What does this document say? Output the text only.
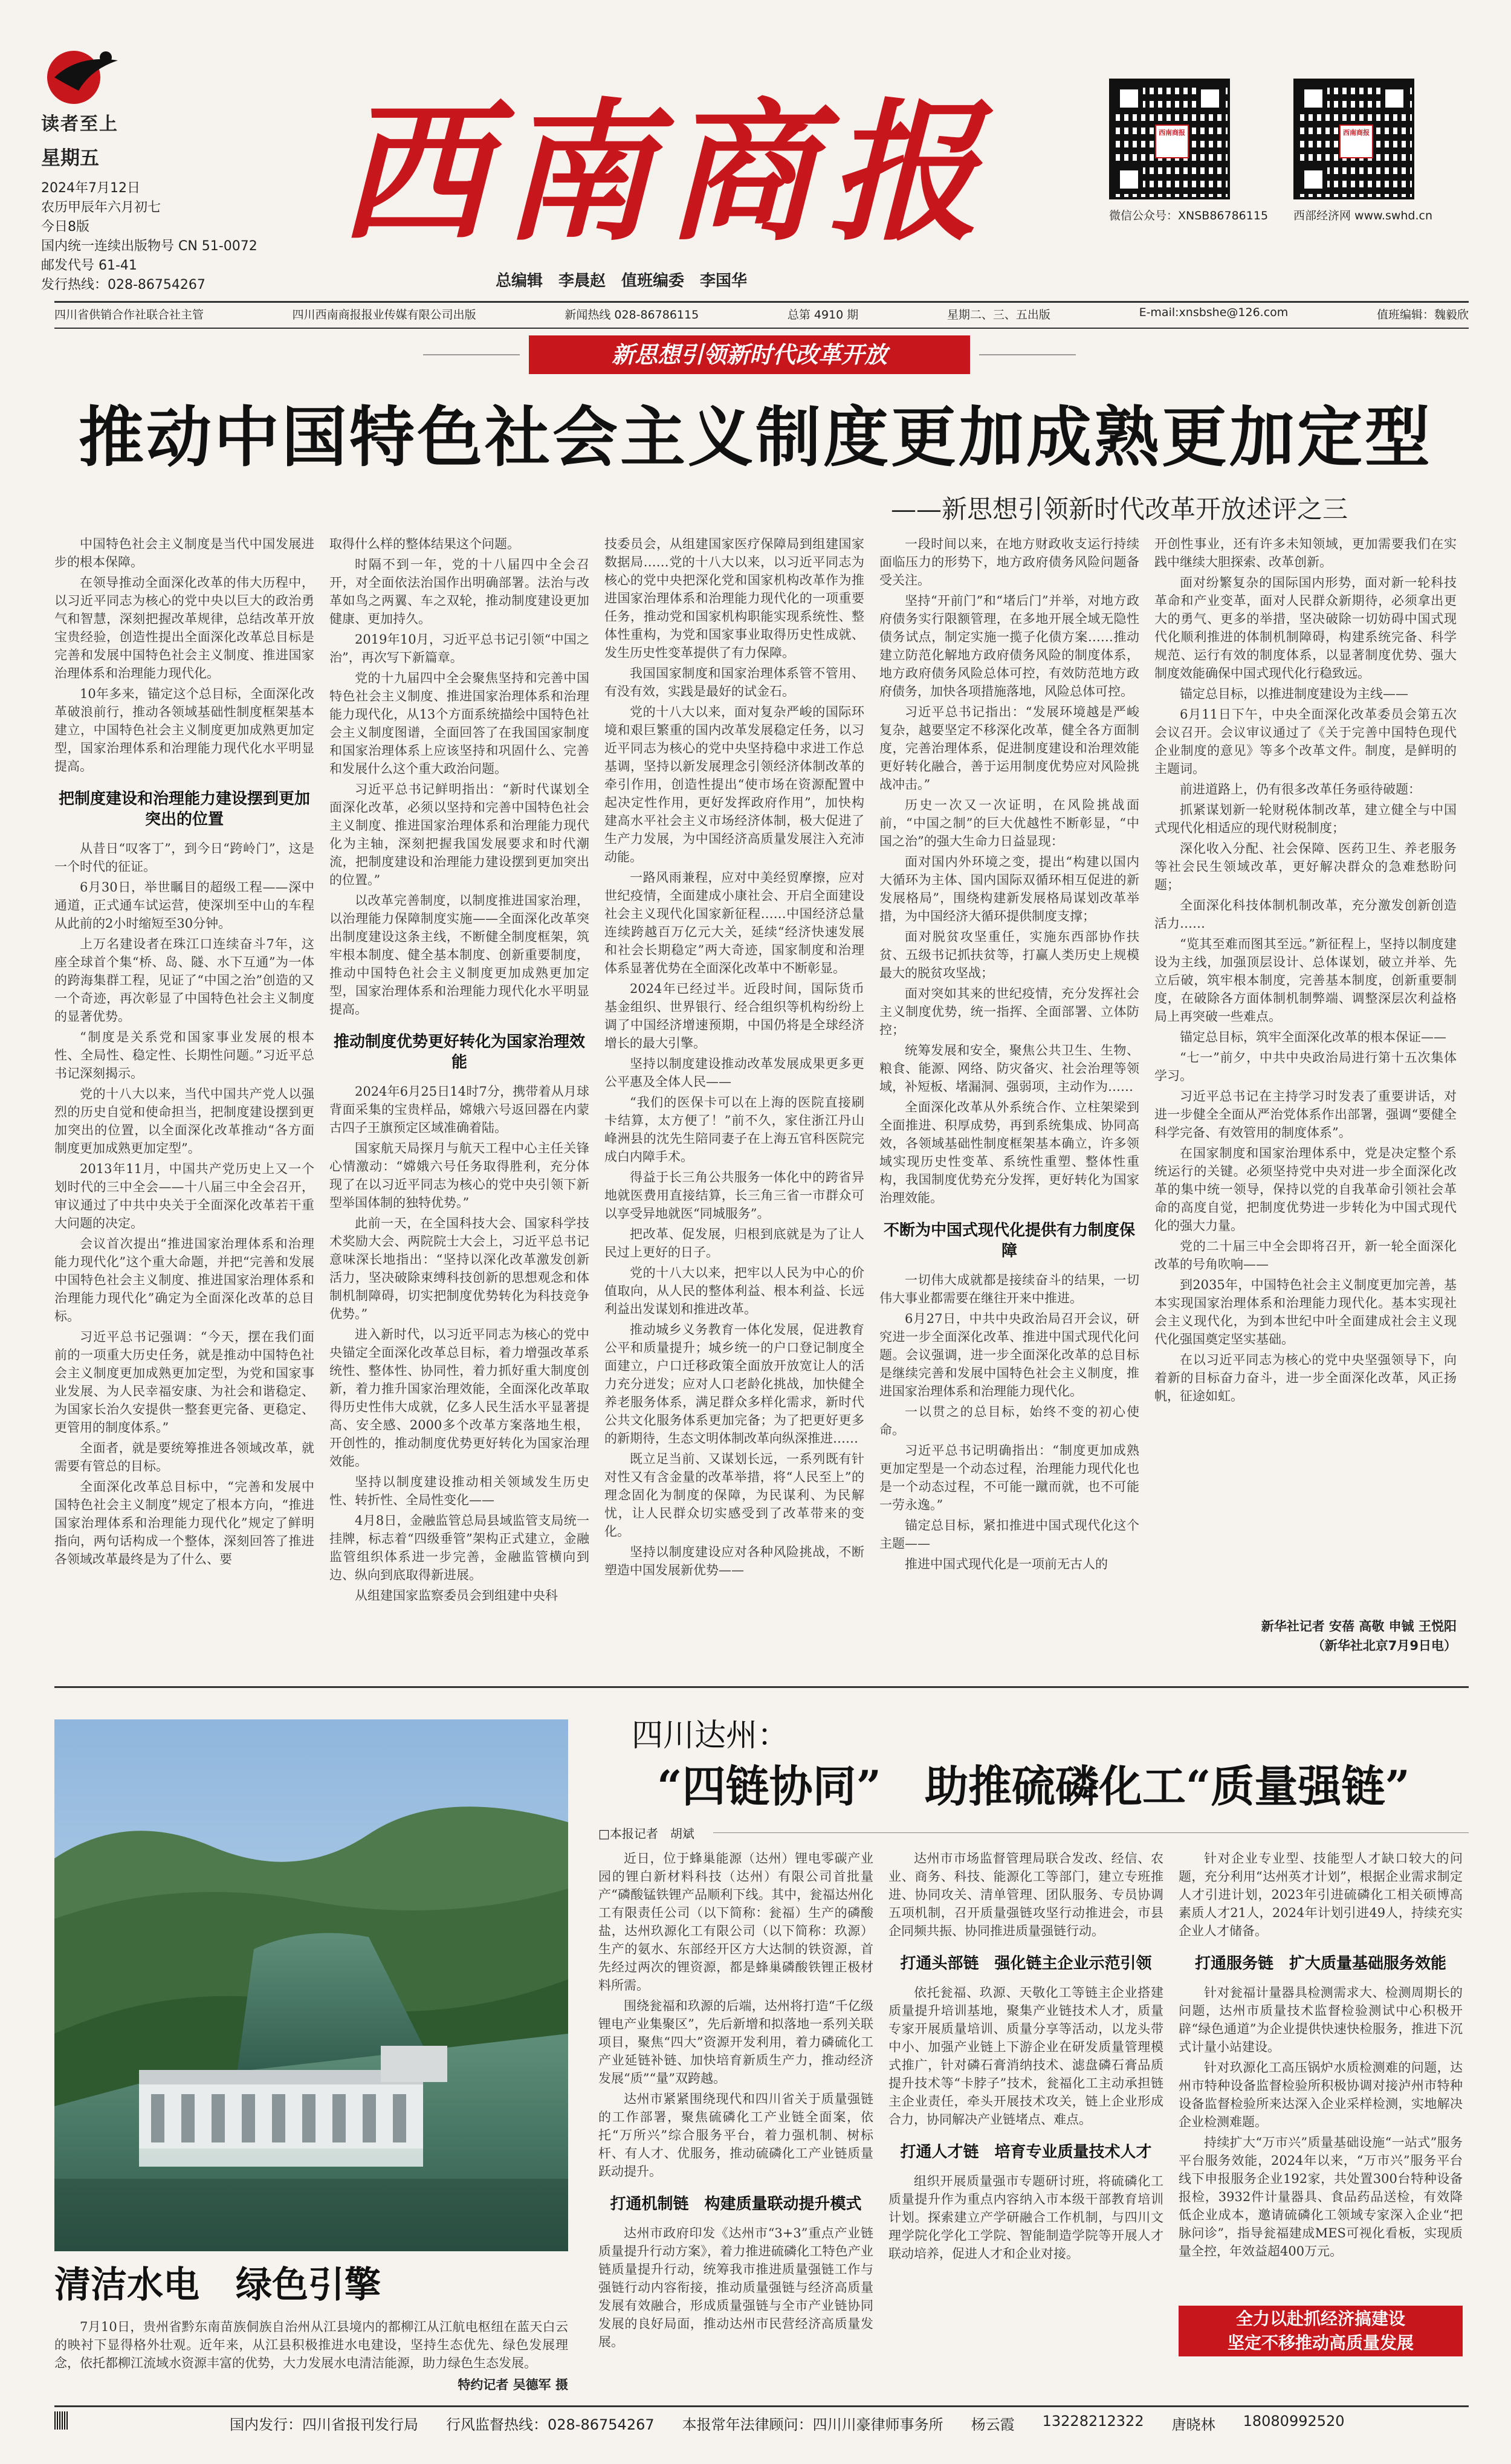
读者至上
星期五
2024年7月12日
农历甲辰年六月初七
今日8版
国内统一连续出版物号 CN 51-0072
邮发代号 61-41
发行热线：028-86754267
西南商报
总编辑　李晨赵　值班编委　李国华
西南商报	西南商报
微信公众号：XNSB86786115 西部经济网 www.swhd.cn
四川省供销合作社联合社主管	四川西南商报报业传媒有限公司出版	新闻热线 028-86786115	总第 4910 期	星期二、三、五出版	E-mail:xnsbshe@126.com	值班编辑：魏毅欣
新思想引领新时代改革开放
推动中国特色社会主义制度更加成熟更加定型
——新思想引领新时代改革开放述评之三

中国特色社会主义制度是当代中国发展进步的根本保障。

在领导推动全面深化改革的伟大历程中，以习近平同志为核心的党中央以巨大的政治勇气和智慧，深刻把握改革规律，总结改革开放宝贵经验，创造性提出全面深化改革总目标是完善和发展中国特色社会主义制度、推进国家治理体系和治理能力现代化。

10年多来，锚定这个总目标，全面深化改革破浪前行，推动各领域基础性制度框架基本建立，中国特色社会主义制度更加成熟更加定型，国家治理体系和治理能力现代化水平明显提高。

把制度建设和治理能力建设摆到更加突出的位置

从昔日“叹客丁”，到今日“跨岭门”，这是一个时代的征证。

6月30日，举世瞩目的超级工程——深中通道，正式通车试运营，使深圳至中山的车程从此前的2小时缩短至30分钟。

上万名建设者在珠江口连续奋斗7年，这座全球首个集“桥、岛、隧、水下互通”为一体的跨海集群工程，见证了“中国之治”创造的又一个奇迹，再次彰显了中国特色社会主义制度的显著优势。

“制度是关系党和国家事业发展的根本性、全局性、稳定性、长期性问题。”习近平总书记深刻揭示。

党的十八大以来，当代中国共产党人以强烈的历史自觉和使命担当，把制度建设摆到更加突出的位置，以全面深化改革推动“各方面制度更加成熟更加定型”。

2013年11月，中国共产党历史上又一个划时代的三中全会——十八届三中全会召开，审议通过了中共中央关于全面深化改革若干重大问题的决定。

会议首次提出“推进国家治理体系和治理能力现代化”这个重大命题，并把“完善和发展中国特色社会主义制度、推进国家治理体系和治理能力现代化”确定为全面深化改革的总目标。

习近平总书记强调：“今天，摆在我们面前的一项重大历史任务，就是推动中国特色社会主义制度更加成熟更加定型，为党和国家事业发展、为人民幸福安康、为社会和谐稳定、为国家长治久安提供一整套更完备、更稳定、更管用的制度体系。”

全面者，就是要统筹推进各领域改革，就需要有管总的目标。

全面深化改革总目标中，“完善和发展中国特色社会主义制度”规定了根本方向，“推进国家治理体系和治理能力现代化”规定了鲜明指向，两句话构成一个整体，深刻回答了推进各领域改革最终是为了什么、要

取得什么样的整体结果这个问题。

时隔不到一年，党的十八届四中全会召开，对全面依法治国作出明确部署。法治与改革如鸟之两翼、车之双轮，推动制度建设更加健康、更加持久。

2019年10月，习近平总书记引领“中国之治”，再次写下新篇章。

党的十九届四中全会聚焦坚持和完善中国特色社会主义制度、推进国家治理体系和治理能力现代化，从13个方面系统描绘中国特色社会主义制度图谱，全面回答了在我国国家制度和国家治理体系上应该坚持和巩固什么、完善和发展什么这个重大政治问题。

习近平总书记鲜明指出：“新时代谋划全面深化改革，必须以坚持和完善中国特色社会主义制度、推进国家治理体系和治理能力现代化为主轴，深刻把握我国发展要求和时代潮流，把制度建设和治理能力建设摆到更加突出的位置。”

以改革完善制度，以制度推进国家治理，以治理能力保障制度实施——全面深化改革突出制度建设这条主线，不断健全制度框架，筑牢根本制度、健全基本制度、创新重要制度，推动中国特色社会主义制度更加成熟更加定型，国家治理体系和治理能力现代化水平明显提高。

推动制度优势更好转化为国家治理效能

2024年6月25日14时7分，携带着从月球背面采集的宝贵样品，嫦娥六号返回器在内蒙古四子王旗预定区域准确着陆。

国家航天局探月与航天工程中心主任关锋心情激动：“嫦娥六号任务取得胜利，充分体现了在以习近平同志为核心的党中央引领下新型举国体制的独特优势。”

此前一天，在全国科技大会、国家科学技术奖励大会、两院院士大会上，习近平总书记意味深长地指出：“坚持以深化改革激发创新活力，坚决破除束缚科技创新的思想观念和体制机制障碍，切实把制度优势转化为科技竞争优势。”

进入新时代，以习近平同志为核心的党中央锚定全面深化改革总目标，着力增强改革系统性、整体性、协同性，着力抓好重大制度创新，着力推升国家治理效能，全面深化改革取得历史性伟大成就，亿多人民生活水平显著提高、安全感、2000多个改革方案落地生根，开创性的，推动制度优势更好转化为国家治理效能。

坚持以制度建设推动相关领域发生历史性、转折性、全局性变化——

4月8日，金融监管总局县域监管支局统一挂牌，标志着“四级垂管”架构正式建立，金融监管组织体系进一步完善，金融监管横向到边、纵向到底取得新进展。

从组建国家监察委员会到组建中央科

技委员会，从组建国家医疗保障局到组建国家数据局……党的十八大以来，以习近平同志为核心的党中央把深化党和国家机构改革作为推进国家治理体系和治理能力现代化的一项重要任务，推动党和国家机构职能实现系统性、整体性重构，为党和国家事业取得历史性成就、发生历史性变革提供了有力保障。

我国国家制度和国家治理体系管不管用、有没有效，实践是最好的试金石。

党的十八大以来，面对复杂严峻的国际环境和艰巨繁重的国内改革发展稳定任务，以习近平同志为核心的党中央坚持稳中求进工作总基调，坚持以新发展理念引领经济体制改革的牵引作用，创造性提出“使市场在资源配置中起决定性作用，更好发挥政府作用”，加快构建高水平社会主义市场经济体制，极大促进了生产力发展，为中国经济高质量发展注入充沛动能。

一路风雨兼程，应对中美经贸摩擦，应对世纪疫情，全面建成小康社会、开启全面建设社会主义现代化国家新征程……中国经济总量连续跨越百万亿元大关，延续“经济快速发展和社会长期稳定”两大奇迹，国家制度和治理体系显著优势在全面深化改革中不断彰显。

2024年已经过半。近段时间，国际货币基金组织、世界银行、经合组织等机构纷纷上调了中国经济增速预期，中国仍将是全球经济增长的最大引擎。

坚持以制度建设推动改革发展成果更多更公平惠及全体人民——

“我们的医保卡可以在上海的医院直接刷卡结算，太方便了！”前不久，家住浙江丹山峰洲县的沈先生陪同妻子在上海五官科医院完成白内障手术。

得益于长三角公共服务一体化中的跨省异地就医费用直接结算，长三角三省一市群众可以享受异地就医“同城服务”。

把改革、促发展，归根到底就是为了让人民过上更好的日子。

党的十八大以来，把牢以人民为中心的价值取向，从人民的整体利益、根本利益、长远利益出发谋划和推进改革。

推动城乡义务教育一体化发展，促进教育公平和质量提升；城乡统一的户口登记制度全面建立，户口迁移政策全面放开放宽让人的活力充分迸发；应对人口老龄化挑战，加快健全养老服务体系，满足群众多样化需求，新时代公共文化服务体系更加完备；为了把更好更多的新期待，生态文明体制改革向纵深推进……

既立足当前、又谋划长远，一系列既有针对性又有含金量的改革举措，将“人民至上”的理念固化为制度的保障，为民谋利、为民解忧，让人民群众切实感受到了改革带来的变化。

坚持以制度建设应对各种风险挑战，不断塑造中国发展新优势——

一段时间以来，在地方财政收支运行持续面临压力的形势下，地方政府债务风险问题备受关注。

坚持“开前门”和“堵后门”并举，对地方政府债务实行限额管理，在多地开展全域无隐性债务试点，制定实施一揽子化债方案……推动建立防范化解地方政府债务风险的制度体系，地方政府债务风险总体可控，有效防范地方政府债务，加快各项措施落地，风险总体可控。

习近平总书记指出：“发展环境越是严峻复杂，越要坚定不移深化改革，健全各方面制度，完善治理体系，促进制度建设和治理效能更好转化融合，善于运用制度优势应对风险挑战冲击。”

历史一次又一次证明，在风险挑战面前，“中国之制”的巨大优越性不断彰显，“中国之治”的强大生命力日益显现：

面对国内外环境之变，提出“构建以国内大循环为主体、国内国际双循环相互促进的新发展格局”，围绕构建新发展格局谋划改革举措，为中国经济大循环提供制度支撑；

面对脱贫攻坚重任，实施东西部协作扶贫、五级书记抓扶贫等，打赢人类历史上规模最大的脱贫攻坚战；

面对突如其来的世纪疫情，充分发挥社会主义制度优势，统一指挥、全面部署、立体防控；

统筹发展和安全，聚焦公共卫生、生物、粮食、能源、网络、防灾备灾、社会治理等领域，补短板、堵漏洞、强弱项，主动作为……

全面深化改革从外系统合作、立柱架梁到全面推进、积厚成势，再到系统集成、协同高效，各领域基础性制度框架基本确立，许多领域实现历史性变革、系统性重塑、整体性重构，我国制度优势充分发挥，更好转化为国家治理效能。

不断为中国式现代化提供有力制度保障

一切伟大成就都是接续奋斗的结果，一切伟大事业都需要在继往开来中推进。

6月27日，中共中央政治局召开会议，研究进一步全面深化改革、推进中国式现代化问题。会议强调，进一步全面深化改革的总目标是继续完善和发展中国特色社会主义制度，推进国家治理体系和治理能力现代化。

一以贯之的总目标，始终不变的初心使命。

习近平总书记明确指出：“制度更加成熟更加定型是一个动态过程，治理能力现代化也是一个动态过程，不可能一蹴而就，也不可能一劳永逸。”

锚定总目标，紧扣推进中国式现代化这个主题——

推进中国式现代化是一项前无古人的

开创性事业，还有许多未知领域，更加需要我们在实践中继续大胆探索、改革创新。

面对纷繁复杂的国际国内形势，面对新一轮科技革命和产业变革，面对人民群众新期待，必须拿出更大的勇气、更多的举措，坚决破除一切妨碍中国式现代化顺利推进的体制机制障碍，构建系统完备、科学规范、运行有效的制度体系，以显著制度优势、强大制度效能确保中国式现代化行稳致远。

锚定总目标，以推进制度建设为主线——

6月11日下午，中央全面深化改革委员会第五次会议召开。会议审议通过了《关于完善中国特色现代企业制度的意见》等多个改革文件。制度，是鲜明的主题词。

前进道路上，仍有很多改革任务亟待破题：

抓紧谋划新一轮财税体制改革，建立健全与中国式现代化相适应的现代财税制度；

深化收入分配、社会保障、医药卫生、养老服务等社会民生领域改革，更好解决群众的急难愁盼问题；

全面深化科技体制机制改革，充分激发创新创造活力……

“览其至难而图其至远。”新征程上，坚持以制度建设为主线，加强顶层设计、总体谋划，破立并举、先立后破，筑牢根本制度，完善基本制度，创新重要制度，在破除各方面体制机制弊端、调整深层次利益格局上再突破一些难点。

锚定总目标，筑牢全面深化改革的根本保证——

“七一”前夕，中共中央政治局进行第十五次集体学习。

习近平总书记在主持学习时发表了重要讲话，对进一步健全全面从严治党体系作出部署，强调“要健全科学完备、有效管用的制度体系”。

在国家制度和国家治理体系中，党是决定整个系统运行的关键。必须坚持党中央对进一步全面深化改革的集中统一领导，保持以党的自我革命引领社会革命的高度自觉，把制度优势进一步转化为中国式现代化的强大力量。

党的二十届三中全会即将召开，新一轮全面深化改革的号角吹响——

到2035年，中国特色社会主义制度更加完善，基本实现国家治理体系和治理能力现代化。基本实现社会主义现代化，为到本世纪中叶全面建成社会主义现代化强国奠定坚实基础。

在以习近平同志为核心的党中央坚强领导下，向着新的目标奋力奋斗，进一步全面深化改革，风正扬帆，征途如虹。

新华社记者 安蓓 高敬 申铖 王悦阳
（新华社北京7月9日电）
清洁水电　绿色引擎
7月10日，贵州省黔东南苗族侗族自治州从江县境内的都柳江从江航电枢纽在蓝天白云的映衬下显得格外壮观。近年来，从江县积极推进水电建设，坚持生态优先、绿色发展理念，依托都柳江流域水资源丰富的优势，大力发展水电清洁能源，助力绿色生态发展。
特约记者 吴德军 摄
四川达州：
“四链协同”　助推硫磷化工“质量强链”
□本报记者　胡斌

近日，位于蜂巢能源（达州）锂电零碳产业园的锂白新材料科技（达州）有限公司首批量产“磷酸锰铁锂产品顺利下线。其中，瓮福达州化工有限责任公司（以下简称：瓮福）生产的磷酸盐，达州玖源化工有限公司（以下简称：玖源）生产的氨水、东部经开区方大达制的铁资源，首先经过两次的锂资源，都是蜂巢磷酸铁锂正极材料所需。

围绕瓮福和玖源的后端，达州将打造“千亿级锂电产业集聚区”，先后新增和拟落地一系列关联项目，聚焦“四大”资源开发利用，着力磷硫化工产业延链补链、加快培育新质生产力，推动经济发展“质”“量”双跨越。

达州市紧紧围绕现代和四川省关于质量强链的工作部署，聚焦硫磷化工产业链全面案，依托“万所兴”综合服务平台，着力强机制、树标杆、有人才、优服务，推动硫磷化工产业链质量跃动提升。

打通机制链　构建质量联动提升模式

达州市政府印发《达州市“3+3”重点产业链质量提升行动方案》，着力推进硫磷化工特色产业链质量提升行动，统筹我市推进质量强链工作与强链行动内容衔接，推动质量强链与经济高质量发展有效融合，形成质量强链与全市产业链协同发展的良好局面，推动达州市民营经济高质量发展。

达州市市场监督管理局联合发改、经信、农业、商务、科技、能源化工等部门，建立专班推进、协同攻关、清单管理、团队服务、专员协调五项机制，召开质量强链攻坚行动推进会，市县企同频共振、协同推进质量强链行动。

打通头部链　强化链主企业示范引领

依托瓮福、玖源、天敬化工等链主企业搭建质量提升培训基地，聚集产业链技术人才，质量专家开展质量培训、质量分享等活动，以龙头带中小、加强产业链上下游企业在研发质量管理模式推广，针对磷石膏消纳技术、滤盘磷石膏品质提升技术等“卡脖子”技术，瓮福化工主动承担链主企业责任，牵头开展技术攻关，链上企业形成合力，协同解决产业链堵点、难点。

打通人才链　培育专业质量技术人才

组织开展质量强市专题研讨班，将硫磷化工质量提升作为重点内容纳入市本级干部教育培训计划。探索建立产学研融合工作机制，与四川文理学院化学化工学院、智能制造学院等开展人才联动培养，促进人才和企业对接。

针对企业专业型、技能型人才缺口较大的问题，充分利用“达州英才计划”，根据企业需求制定人才引进计划，2023年引进硫磷化工相关硕博高素质人才21人，2024年计划引进49人，持续充实企业人才储备。

打通服务链　扩大质量基础服务效能

针对瓮福计量器具检测需求大、检测周期长的问题，达州市质量技术监督检验测试中心积极开辟“绿色通道”为企业提供快速快检服务，推进下沉式计量小站建设。

针对玖源化工高压锅炉水质检测难的问题，达州市特种设备监督检验所积极协调对接泸州市特种设备监督检验所来达深入企业采样检测，实地解决企业检测难题。

持续扩大“万市兴”质量基础设施“一站式”服务平台服务效能，2024年以来，“万市兴”服务平台线下申报服务企业192家，共处置300台特种设备报检，3932件计量器具、食品药品送检，有效降低企业成本，邀请硫磷化工领域专家深入企业“把脉问诊”，指导瓮福建成MES可视化看板，实现质量全控，年效益超400万元。

全力以赴抓经济搞建设
坚定不移推动高质量发展
国内发行：四川省报刊发行局 行风监督热线：028-86754267 本报常年法律顾问：四川川豪律师事务所 杨云霞 13228212322 唐晓林 18080992520
